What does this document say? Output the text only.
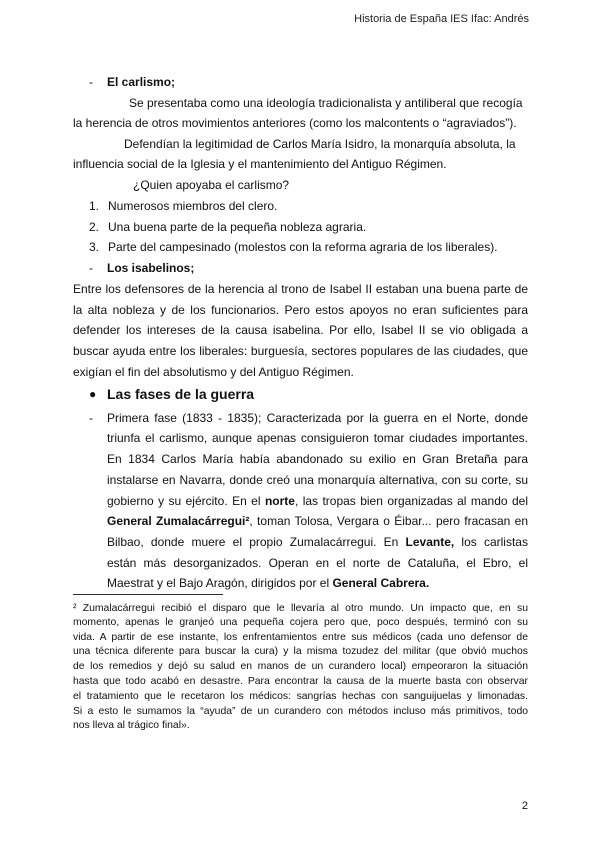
Historia de España IES Ifac: Andrés
-	El carlismo;
Se presentaba como una ideología tradicionalista y antiliberal que recogía
la herencia de otros movimientos anteriores (como los malcontents o “agraviados”).
Defendían la legitimidad de Carlos María Isidro, la monarquía absoluta, la
influencia social de la Iglesia y el mantenimiento del Antiguo Régimen.
¿Quien apoyaba el carlismo?
1. Numerosos miembros del clero.
2. Una buena parte de la pequeña nobleza agraria.
3. Parte del campesinado (molestos con la reforma agraria de los liberales).
-	Los isabelinos;
Entre los defensores de la herencia al trono de Isabel II estaban una buena parte de
la alta nobleza y de los funcionarios. Pero estos apoyos no eran suficientes para
defender los intereses de la causa isabelina. Por ello, Isabel II se vio obligada a
buscar ayuda entre los liberales: burguesía, sectores populares de las ciudades, que
exigían el fin del absolutismo y del Antiguo Régimen.
● Las fases de la guerra
-	Primera fase (1833 - 1835); Caracterizada por la guerra en el Norte, donde
triunfa el carlismo, aunque apenas consiguieron tomar ciudades importantes.
En 1834 Carlos María había abandonado su exilio en Gran Bretaña para
instalarse en Navarra, donde creó una monarquía alternativa, con su corte, su
gobierno y su ejército. En el norte, las tropas bien organizadas al mando del
General Zumalacárregui², toman Tolosa, Vergara o Éibar... pero fracasan en
Bilbao, donde muere el propio Zumalacárregui. En Levante, los carlistas
están más desorganizados. Operan en el norte de Cataluña, el Ebro, el
Maestrat y el Bajo Aragón, dirigidos por el General Cabrera.
² Zumalacárregui recibió el disparo que le llevaría al otro mundo. Un impacto que, en su
momento, apenas le granjeó una pequeña cojera pero que, poco después, terminó con su
vida. A partir de ese instante, los enfrentamientos entre sus médicos (cada uno defensor de
una técnica diferente para buscar la cura) y la misma tozudez del militar (que obvió muchos
de los remedios y dejó su salud en manos de un curandero local) empeoraron la situación
hasta que todo acabó en desastre. Para encontrar la causa de la muerte basta con observar
el tratamiento que le recetaron los médicos: sangrías hechas con sanguijuelas y limonadas.
Si a esto le sumamos la “ayuda” de un curandero con métodos incluso más primitivos, todo
nos lleva al trágico final».
2
